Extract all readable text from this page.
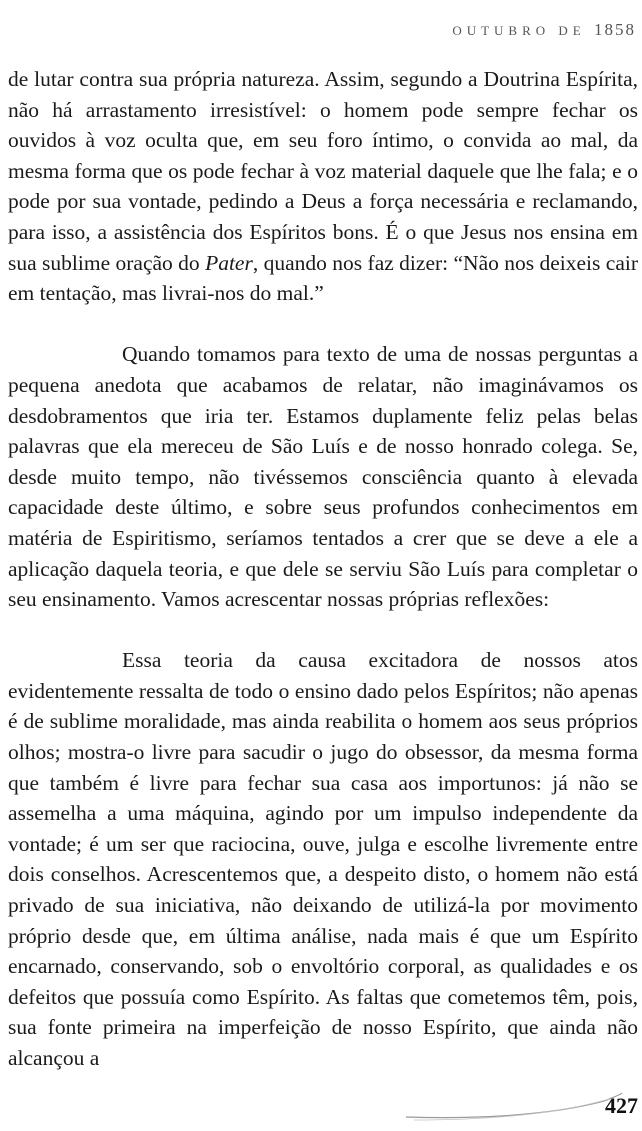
OUTUBRO DE 1858

de lutar contra sua própria natureza. Assim, segundo a Doutrina Espírita, não há arrastamento irresistível: o homem pode sempre fechar os ouvidos à voz oculta que, em seu foro íntimo, o convida ao mal, da mesma forma que os pode fechar à voz material daquele que lhe fala; e o pode por sua vontade, pedindo a Deus a força necessária e reclamando, para isso, a assistência dos Espíritos bons. É o que Jesus nos ensina em sua sublime oração do Pater, quando nos faz dizer: “Não nos deixeis cair em tentação, mas livrai-nos do mal.”

Quando tomamos para texto de uma de nossas perguntas a pequena anedota que acabamos de relatar, não imaginávamos os desdobramentos que iria ter. Estamos duplamente feliz pelas belas palavras que ela mereceu de São Luís e de nosso honrado colega. Se, desde muito tempo, não tivéssemos consciência quanto à elevada capacidade deste último, e sobre seus profundos conhecimentos em matéria de Espiritismo, seríamos tentados a crer que se deve a ele a aplicação daquela teoria, e que dele se serviu São Luís para completar o seu ensinamento. Vamos acrescentar nossas próprias reflexões:

Essa teoria da causa excitadora de nossos atos evidentemente ressalta de todo o ensino dado pelos Espíritos; não apenas é de sublime moralidade, mas ainda reabilita o homem aos seus próprios olhos; mostra-o livre para sacudir o jugo do obsessor, da mesma forma que também é livre para fechar sua casa aos importunos: já não se assemelha a uma máquina, agindo por um impulso independente da vontade; é um ser que raciocina, ouve, julga e escolhe livremente entre dois conselhos. Acrescentemos que, a despeito disto, o homem não está privado de sua iniciativa, não deixando de utilizá-la por movimento próprio desde que, em última análise, nada mais é que um Espírito encarnado, conservando, sob o envoltório corporal, as qualidades e os defeitos que possuía como Espírito. As faltas que cometemos têm, pois, sua fonte primeira na imperfeição de nosso Espírito, que ainda não alcançou a

427
